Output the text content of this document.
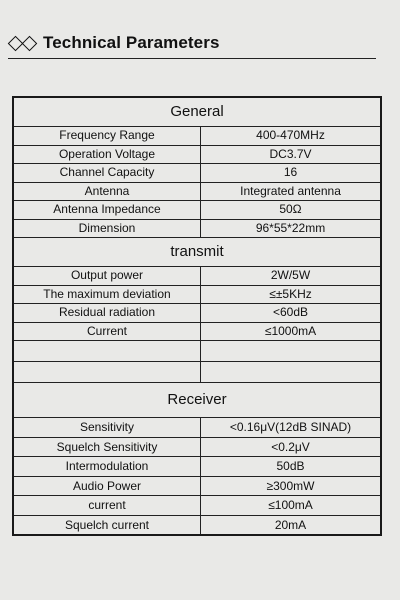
Technical Parameters
General
Frequency Range	400-470MHz
Operation Voltage	DC3.7V
Channel Capacity	16
Antenna	Integrated antenna
Antenna Impedance	50Ω
Dimension	96*55*22mm
transmit
Output power	2W/5W
The maximum deviation	≤±5KHz
Residual radiation	<60dB
Current	≤1000mA
Receiver
Sensitivity	<0.16μV(12dB SINAD)
Squelch Sensitivity	<0.2μV
Intermodulation	50dB
Audio Power	≥300mW
current	≤100mA
Squelch current	20mA
